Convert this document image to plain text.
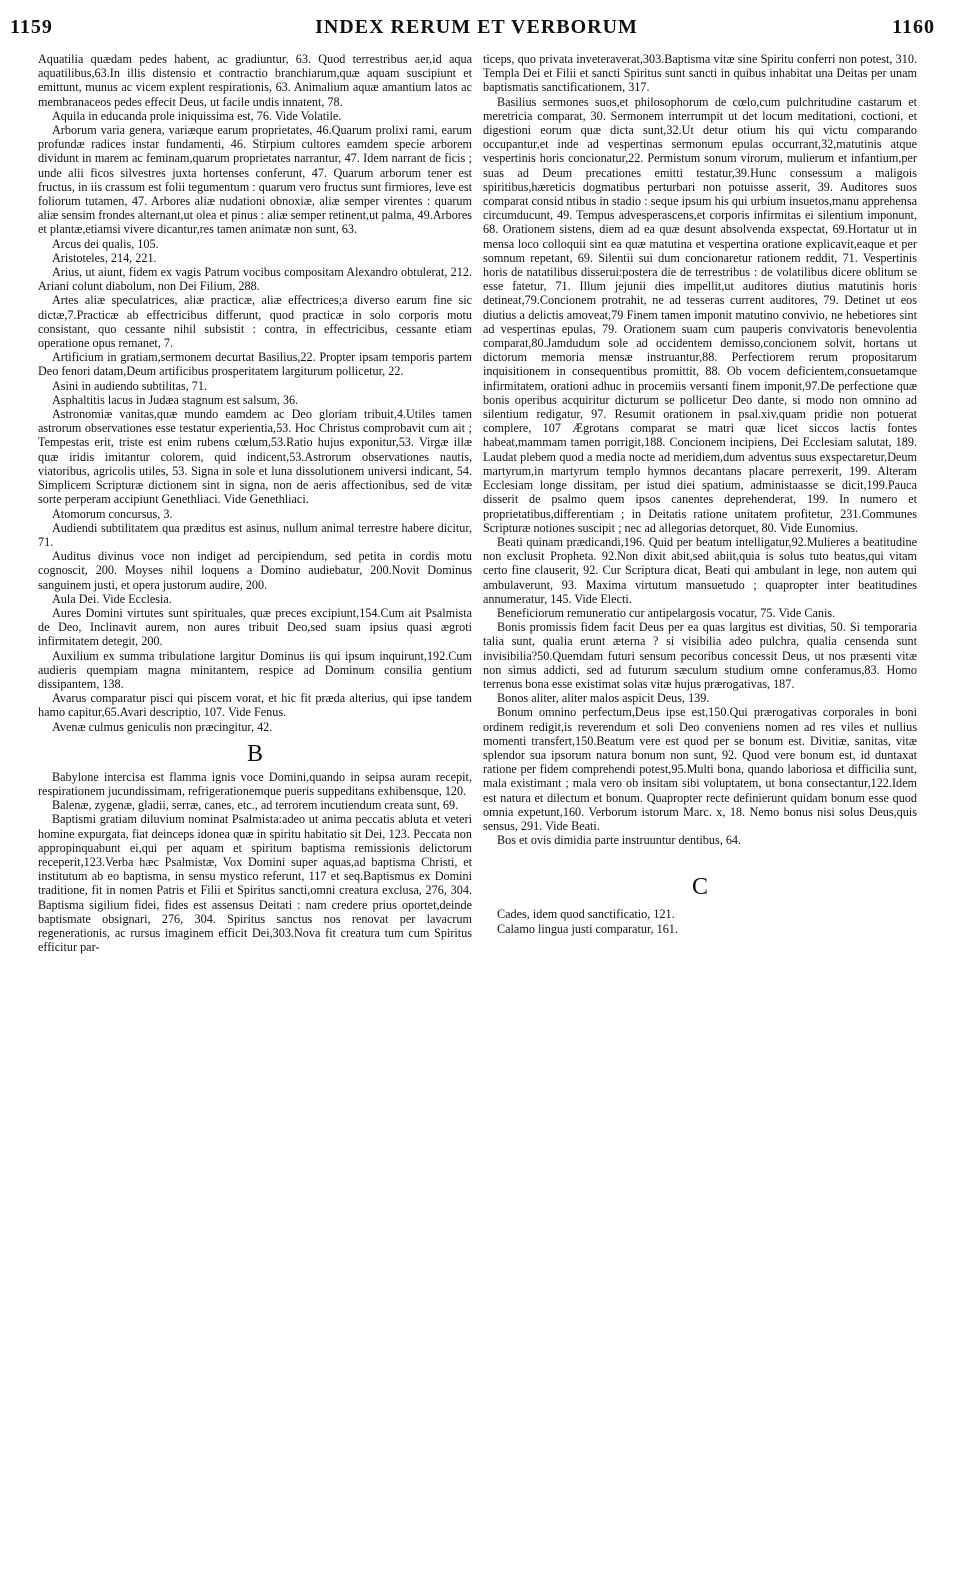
1159	INDEX RERUM ET VERBORUM	1160
Aquatilia quædam pedes habent, ac gradiuntur, 63. Quod terrestribus aer,id aqua aquatilibus,63.In illis distensio et contractio branchiarum,quæ aquam suscipiunt et emittunt, munus ac vicem explent respirationis, 63. Animalium aquæ amantium latos ac membranaceos pedes effecit Deus, ut facile undis innatent, 78.
Aquila in educanda prole iniquissima est, 76. Vide Volatile.
Arborum varia genera, variæque earum proprietates, 46.Quarum prolixi rami, earum profundæ radices instar fundamenti, 46. Stirpium cultores eamdem specie arborem dividunt in marem ac feminam,quarum proprietates narrantur, 47. Idem narrant de ficis ; unde alii ficos silvestres juxta hortenses conferunt, 47. Quarum arborum tener est fructus, in iis crassum est folii tegumentum : quarum vero fructus sunt firmiores, leve est foliorum tutamen, 47. Arbores aliæ nudationi obnoxiæ, aliæ semper virentes : quarum aliæ sensim frondes alternant,ut olea et pinus : aliæ semper retinent,ut palma, 49.Arbores et plantæ,etiamsi vivere dicantur,res tamen animatæ non sunt, 63.
Arcus dei qualis, 105.
Aristoteles, 214, 221.
Arius, ut aiunt, fidem ex vagis Patrum vocibus compositam Alexandro obtulerat, 212. Ariani colunt diabolum, non Dei Filium, 288.
Artes aliæ speculatrices, aliæ practicæ, aliæ effectrices;a diverso earum fine sic dictæ,7.Practicæ ab effectricibus differunt, quod practicæ in solo corporis motu consistant, quo cessante nihil subsistit : contra, in effectricibus, cessante etiam operatione opus remanet, 7.
Artificium in gratiam,sermonem decurtat Basilius,22. Propter ipsam temporis partem Deo fenori datam,Deum artificibus prosperitatem largiturum pollicetur, 22.
Asini in audiendo subtilitas, 71.
Asphaltitis lacus in Judæa stagnum est salsum, 36.
Astronomiæ vanitas,quæ mundo eamdem ac Deo gloriam tribuit,4.Utiles tamen astrorum observationes esse testatur experientia,53. Hoc Christus comprobavit cum ait ; Tempestas erit, triste est enim rubens cœlum,53.Ratio hujus exponitur,53. Virgæ illæ quæ iridis imitantur colorem, quid indicent,53.Astrorum observationes nautis, viatoribus, agricolis utiles, 53. Signa in sole et luna dissolutionem universi indicant, 54. Simplicem Scripturæ dictionem sint in signa, non de aeris affectionibus, sed de vitæ sorte perperam accipiunt Genethliaci. Vide Genethliaci.
Atomorum concursus, 3.
Audiendi subtilitatem qua præditus est asinus, nullum animal terrestre habere dicitur, 71.
Auditus divinus voce non indiget ad percipiendum, sed petita in cordis motu cognoscit, 200. Moyses nihil loquens a Domino audiebatur, 200.Novit Dominus sanguinem justi, et opera justorum audire, 200.
Aula Dei. Vide Ecclesia.
Aures Domini virtutes sunt spirituales, quæ preces excipiunt,154.Cum ait Psalmista de Deo, Inclinavit aurem, non aures tribuit Deo,sed suam ipsius quasi ægroti infirmitatem detegit, 200.
Auxilium ex summa tribulatione largitur Dominus iis qui ipsum inquirunt,192.Cum audieris quempiam magna minitantem, respice ad Dominum consilia gentium dissipantem, 138.
Avarus comparatur pisci qui piscem vorat, et hic fit præda alterius, qui ipse tandem hamo capitur,65.Avari descriptio, 107. Vide Fenus.
Avenæ culmus geniculis non præcingitur, 42.
B
Babylone intercisa est flamma ignis voce Domini,quando in seipsa auram recepit, respirationem jucundissimam, refrigerationemque pueris suppeditans exhibensque, 120.
Balenæ, zygenæ, gladii, serræ, canes, etc., ad terrorem incutiendum creata sunt, 69.
Baptismi gratiam diluvium nominat Psalmista:adeo ut anima peccatis abluta et veteri homine expurgata, fiat deinceps idonea quæ in spiritu habitatio sit Dei, 123. Peccata non appropinquabunt ei,qui per aquam et spiritum baptisma remissionis delictorum receperit,123.Verba hæc Psalmistæ, Vox Domini super aquas,ad baptisma Christi, et institutum ab eo baptisma, in sensu mystico referunt, 117 et seq.Baptismus ex Domini traditione, fit in nomen Patris et Filii et Spiritus sancti,omni creatura exclusa, 276, 304. Baptisma sigilium fidei, fides est assensus Deitati : nam credere prius oportet,deinde baptismate obsignari, 276, 304. Spiritus sanctus nos renovat per lavacrum regenerationis, ac rursus imaginem efficit Dei,303.Nova fit creatura tum cum Spiritus efficitur par-
ticeps, quo privata inveteraverat,303.Baptisma vitæ sine Spiritu conferri non potest, 310. Templa Dei et Filii et sancti Spiritus sunt sancti in quibus inhabitat una Deitas per unam baptismatis sanctificationem, 317.
Basilius sermones suos,et philosophorum de cœlo,cum pulchritudine castarum et meretricia comparat, 30. Sermonem interrumpit ut det locum meditationi, coctioni, et digestioni eorum quæ dicta sunt,32.Ut detur otium his qui victu comparando occupantur,et inde ad vespertinas sermonum epulas occurrant,32,matutinis atque vespertinis horis concionatur,22. Permistum sonum virorum, mulierum et infantium,per suas ad Deum precationes emitti testatur,39.Hunc consessum a maligois spiritibus,hæreticis dogmatibus perturbari non potuisse asserit, 39. Auditores suos comparat consid ntibus in stadio : seque ipsum his qui urbium insuetos,manu apprehensa circumducunt, 49. Tempus advesperascens,et corporis infirmitas ei silentium imponunt, 68. Orationem sistens, diem ad ea quæ desunt absolvenda exspectat, 69.Hortatur ut in mensa loco colloquii sint ea quæ matutina et vespertina oratione explicavit,eaque et per somnum repetant, 69. Silentii sui dum concionaretur rationem reddit, 71. Vespertinis horis de natatilibus disserui:postera die de terrestribus : de volatilibus dicere oblitum se esse fatetur, 71. Illum jejunii dies impellit,ut auditores diutius matutinis horis detineat,79.Concionem protrahit, ne ad tesseras current auditores, 79. Detinet ut eos diutius a delictis amoveat,79 Finem tamen imponit matutino convivio, ne hebetiores sint ad vespertinas epulas, 79. Orationem suam cum pauperis convivatoris benevolentia comparat,80.Jamdudum sole ad occidentem demisso,concionem solvit, hortans ut dictorum memoria mensæ instruantur,88. Perfectiorem rerum propositarum inquisitionem in consequentibus promittit, 88. Ob vocem deficientem,consuetamque infirmitatem, orationi adhuc in procemiis versanti finem imponit,97.De perfectione quæ bonis operibus acquiritur dicturum se pollicetur Deo dante, si modo non omnino ad silentium redigatur, 97. Resumit orationem in psal.xiv,quam pridie non potuerat complere, 107 Ægrotans comparat se matri quæ licet siccos lactis fontes habeat,mammam tamen porrigit,188. Concionem incipiens, Dei Ecclesiam salutat, 189. Laudat plebem quod a media nocte ad meridiem,dum adventus suus exspectaretur,Deum martyrum,in martyrum templo hymnos decantans placare perrexerit, 199. Alteram Ecclesiam longe dissitam, per istud diei spatium, administaasse se dicit,199.Pauca disserit de psalmo quem ipsos canentes deprehenderat, 199. In numero et proprietatibus,differentiam ; in Deitatis ratione unitatem profitetur, 231.Communes Scripturæ notiones suscipit ; nec ad allegorias detorquet, 80. Vide Eunomius.
Beati quinam prædicandi,196. Quid per beatum intelligatur,92.Mulieres a beatitudine non exclusit Propheta. 92.Non dixit abit,sed abiit,quia is solus tuto beatus,qui vitam certo fine clauserit, 92. Cur Scriptura dicat, Beati qui ambulant in lege, non autem qui ambulaverunt, 93. Maxima virtutum mansuetudo ; quapropter inter beatitudines annumeratur, 145. Vide Electi.
Beneficiorum remuneratio cur antipelargosis vocatur, 75. Vide Canis.
Bonis promissis fidem facit Deus per ea quas largitus est divitias, 50. Si temporaria talia sunt, qualia erunt æterna ? si visibilia adeo pulchra, qualia censenda sunt invisibilia?50.Quemdam futuri sensum pecoribus concessit Deus, ut nos præsenti vitæ non simus addicti, sed ad futurum sæculum studium omne conferamus,83. Homo terrenus bona esse existimat solas vitæ hujus prærogativas, 187.
Bonos aliter, aliter malos aspicit Deus, 139.
Bonum omnino perfectum,Deus ipse est,150.Qui prærogativas corporales in boni ordinem redigit,is reverendum et soli Deo conveniens nomen ad res viles et nullius momenti transfert,150.Beatum vere est quod per se bonum est. Divitiæ, sanitas, vitæ splendor sua ipsorum natura bonum non sunt, 92. Quod vere bonum est, id duntaxat ratione per fidem comprehendi potest,95.Multi bona, quando laboriosa et difficilia sunt, mala existimant ; mala vero ob insitam sibi voluptatem, ut bona consectantur,122.Idem est natura et dilectum et bonum. Quapropter recte definierunt quidam bonum esse quod omnia expetunt,160. Verborum istorum Marc. x, 18. Nemo bonus nisi solus Deus,quis sensus, 291. Vide Beati.
Bos et ovis dimidia parte instruuntur dentibus, 64.
C
Cades, idem quod sanctificatio, 121.
Calamo lingua justi comparatur, 161.
